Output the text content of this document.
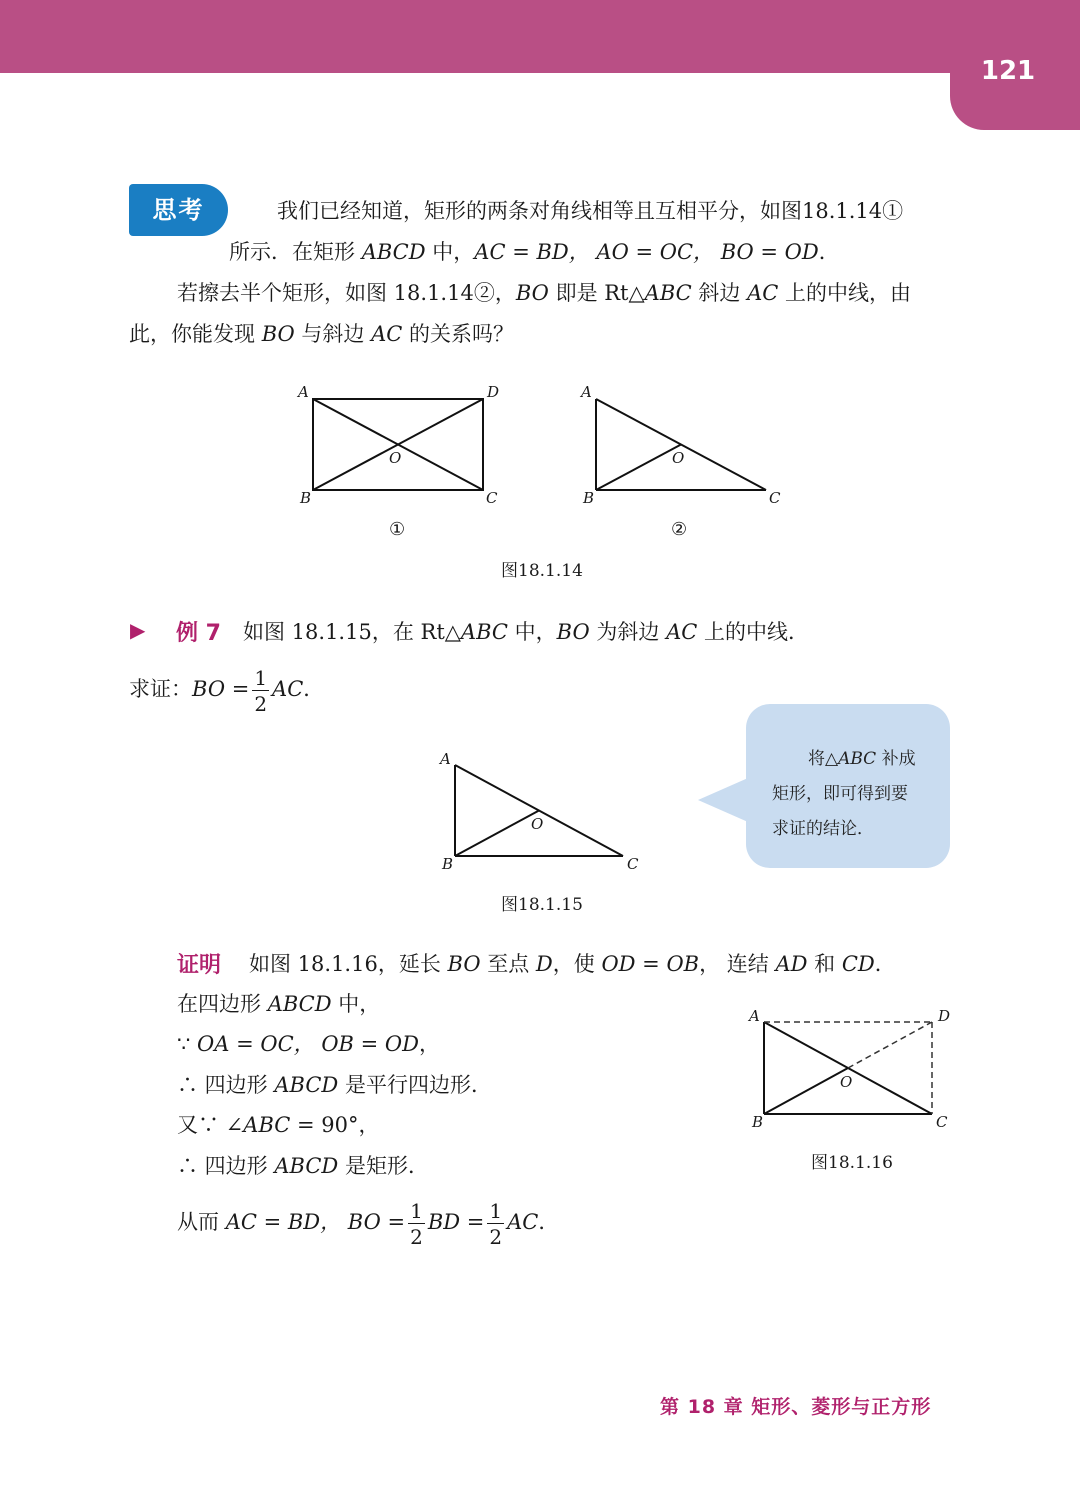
121
思考	我们已经知道，矩形的两条对角线相等且互相平分，如图18.1.14①
所示．在矩形 ABCD 中，AC = BD， AO = OC， BO = OD．
若擦去半个矩形，如图 18.1.14②，BO 即是 Rt△ABC 斜边 AC 上的中线，由
此，你能发现 BO 与斜边 AC 的关系吗？
A	D
B	C
O
A
B	C
O
①	②
图18.1.14
▶ 例 7 如图 18.1.15，在 Rt△ABC 中，BO 为斜边 AC 上的中线．
求证：BO = $\frac{1}{2}$ AC．
A
B	C
O
图18.1.15
将△ABC 补成
矩形，即可得到要
求证的结论．
证明 如图 18.1.16，延长 BO 至点 D，使 OD = OB， 连结 AD 和 CD．
在四边形 ABCD 中，
∵ OA = OC， OB = OD，
∴ 四边形 ABCD 是平行四边形．
又∵ ∠ABC = 90°，
∴ 四边形 ABCD 是矩形．
从而 AC = BD， BO = $\frac{1}{2}$ BD = $\frac{1}{2}$ AC．
A	D
B	C
O
图18.1.16
第 18 章 矩形、菱形与正方形
